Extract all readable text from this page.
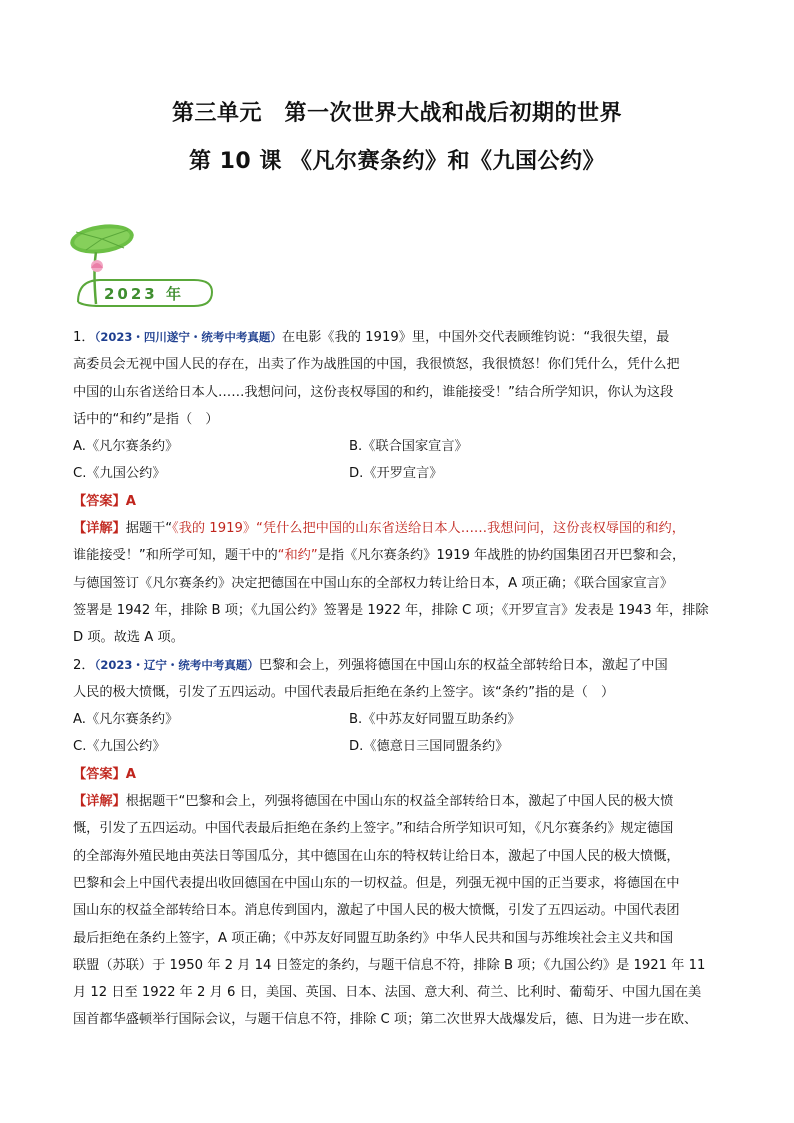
第三单元　第一次世界大战和战后初期的世界
第 10 课 《凡尔赛条约》和《九国公约》
2023 年
1．（2023・四川遂宁・统考中考真题）在电影《我的 1919》里，中国外交代表顾维钧说：“我很失望，最
高委员会无视中国人民的存在，出卖了作为战胜国的中国，我很愤怒，我很愤怒！你们凭什么，凭什么把
中国的山东省送给日本人……我想问问，这份丧权辱国的和约，谁能接受！”结合所学知识，你认为这段
话中的“和约”是指（　）
A.《凡尔赛条约》	B.《联合国家宣言》
C.《九国公约》	D.《开罗宣言》
【答案】A
【详解】据题干“《我的 1919》“凭什么把中国的山东省送给日本人……我想问问，这份丧权辱国的和约，
谁能接受！”和所学可知，题干中的“和约”是指《凡尔赛条约》1919 年战胜的协约国集团召开巴黎和会，
与德国签订《凡尔赛条约》决定把德国在中国山东的全部权力转让给日本，A 项正确；《联合国家宣言》
签署是 1942 年，排除 B 项；《九国公约》签署是 1922 年，排除 C 项；《开罗宣言》发表是 1943 年，排除
D 项。故选 A 项。
2．（2023・辽宁・统考中考真题）巴黎和会上，列强将德国在中国山东的权益全部转给日本，激起了中国
人民的极大愤慨，引发了五四运动。中国代表最后拒绝在条约上签字。该“条约”指的是（　）
A.《凡尔赛条约》	B.《中苏友好同盟互助条约》
C.《九国公约》	D.《德意日三国同盟条约》
【答案】A
【详解】根据题干“巴黎和会上，列强将德国在中国山东的权益全部转给日本，激起了中国人民的极大愤
慨，引发了五四运动。中国代表最后拒绝在条约上签字。”和结合所学知识可知，《凡尔赛条约》规定德国
的全部海外殖民地由英法日等国瓜分，其中德国在山东的特权转让给日本，激起了中国人民的极大愤慨，
巴黎和会上中国代表提出收回德国在中国山东的一切权益。但是，列强无视中国的正当要求，将德国在中
国山东的权益全部转给日本。消息传到国内，激起了中国人民的极大愤慨，引发了五四运动。中国代表团
最后拒绝在条约上签字，A 项正确；《中苏友好同盟互助条约》中华人民共和国与苏维埃社会主义共和国
联盟（苏联）于 1950 年 2 月 14 日签定的条约，与题干信息不符，排除 B 项；《九国公约》是 1921 年 11
月 12 日至 1922 年 2 月 6 日，美国、英国、日本、法国、意大利、荷兰、比利时、葡萄牙、中国九国在美
国首都华盛顿举行国际会议，与题干信息不符，排除 C 项；第二次世界大战爆发后，德、日为进一步在欧、
